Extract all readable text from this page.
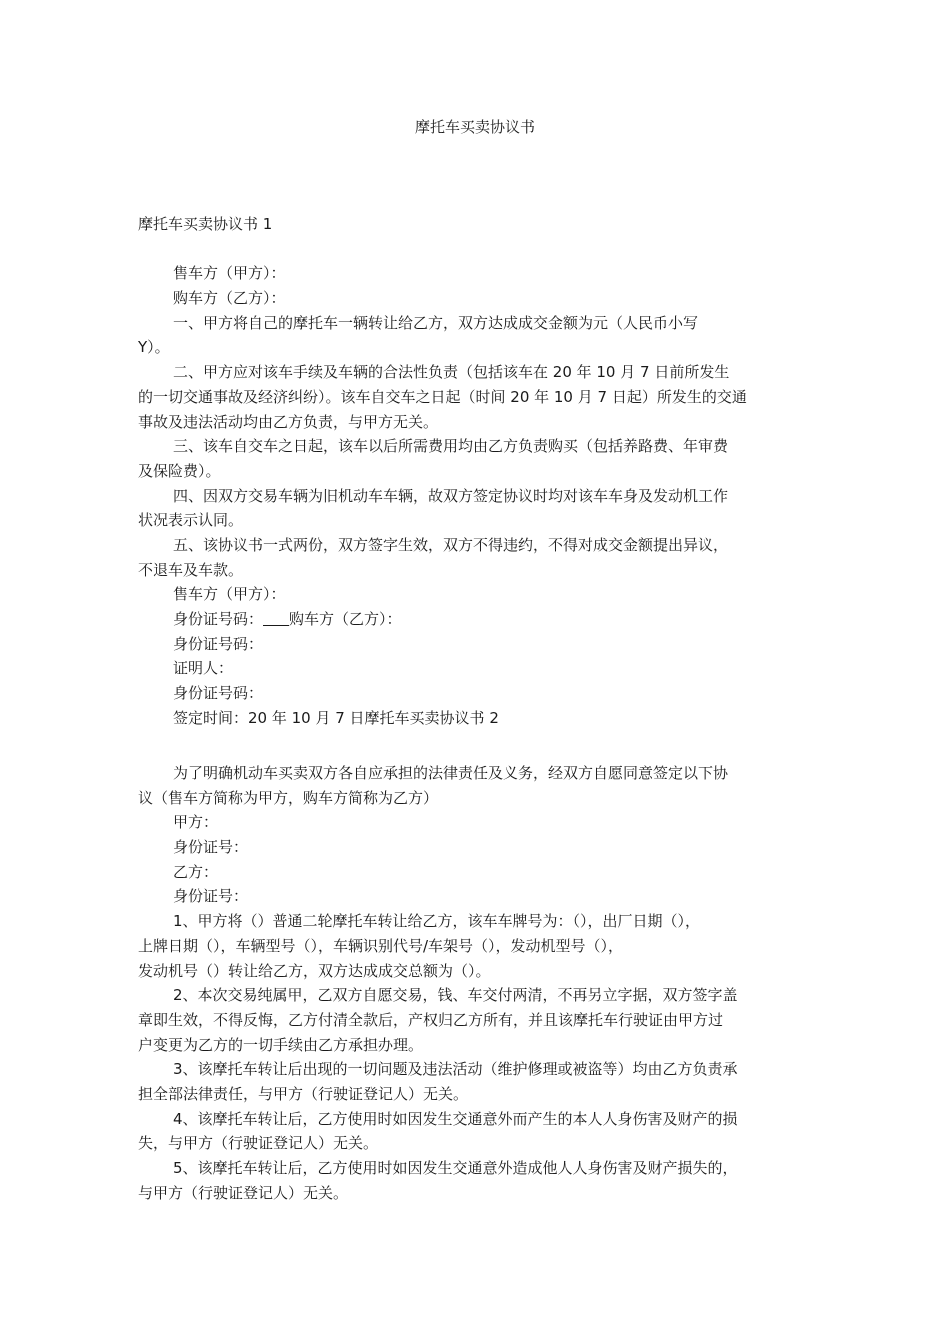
摩托车买卖协议书
摩托车买卖协议书 1
售车方（甲方）：
购车方（乙方）：
一、甲方将自己的摩托车一辆转让给乙方，双方达成成交金额为元（人民币小写
Y）。
二、甲方应对该车手续及车辆的合法性负责（包括该车在 20 年 10 月 7 日前所发生
的一切交通事故及经济纠纷）。该车自交车之日起（时间 20 年 10 月 7 日起）所发生的交通
事故及违法活动均由乙方负责，与甲方无关。
三、该车自交车之日起，该车以后所需费用均由乙方负责购买（包括养路费、年审费
及保险费）。
四、因双方交易车辆为旧机动车车辆，故双方签定协议时均对该车车身及发动机工作
状况表示认同。
五、该协议书一式两份，双方签字生效，双方不得违约，不得对成交金额提出异议，
不退车及车款。
售车方（甲方）：
身份证号码： 购车方（乙方）：
身份证号码：
证明人：
身份证号码：
签定时间：20 年 10 月 7 日摩托车买卖协议书 2
为了明确机动车买卖双方各自应承担的法律责任及义务，经双方自愿同意签定以下协
议（售车方简称为甲方，购车方简称为乙方）
甲方：
身份证号：
乙方：
身份证号：
1、甲方将（）普通二轮摩托车转让给乙方，该车车牌号为：（），出厂日期（），
上牌日期（），车辆型号（），车辆识别代号/车架号（），发动机型号（），
发动机号（）转让给乙方，双方达成成交总额为（）。
2、本次交易纯属甲，乙双方自愿交易，钱、车交付两清，不再另立字据，双方签字盖
章即生效，不得反悔，乙方付清全款后，产权归乙方所有，并且该摩托车行驶证由甲方过
户变更为乙方的一切手续由乙方承担办理。
3、该摩托车转让后出现的一切问题及违法活动（维护修理或被盗等）均由乙方负责承
担全部法律责任，与甲方（行驶证登记人）无关。
4、该摩托车转让后，乙方使用时如因发生交通意外而产生的本人人身伤害及财产的损
失，与甲方（行驶证登记人）无关。
5、该摩托车转让后，乙方使用时如因发生交通意外造成他人人身伤害及财产损失的，
与甲方（行驶证登记人）无关。
